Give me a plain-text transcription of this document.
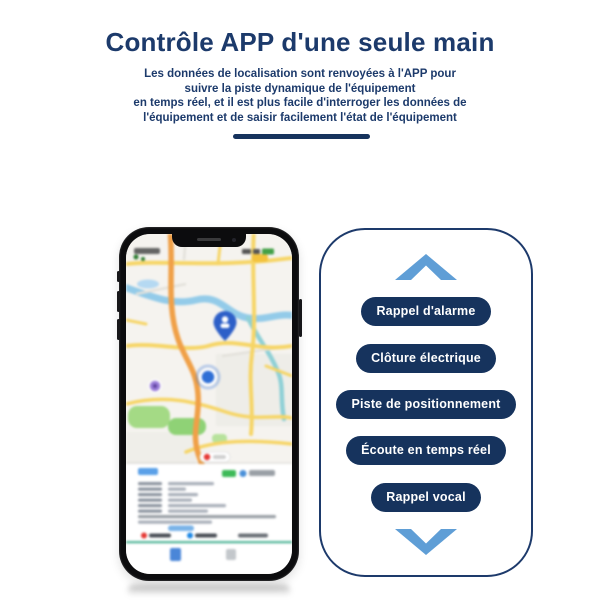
Contrôle APP d'une seule main
Les données de localisation sont renvoyées à l'APP pour
suivre la piste dynamique de l'équipement
en temps réel, et il est plus facile d'interroger les données de
l'équipement et de saisir facilement l'état de l'équipement
Rappel d'alarme
Clôture électrique
Piste de positionnement
Écoute en temps réel
Rappel vocal
